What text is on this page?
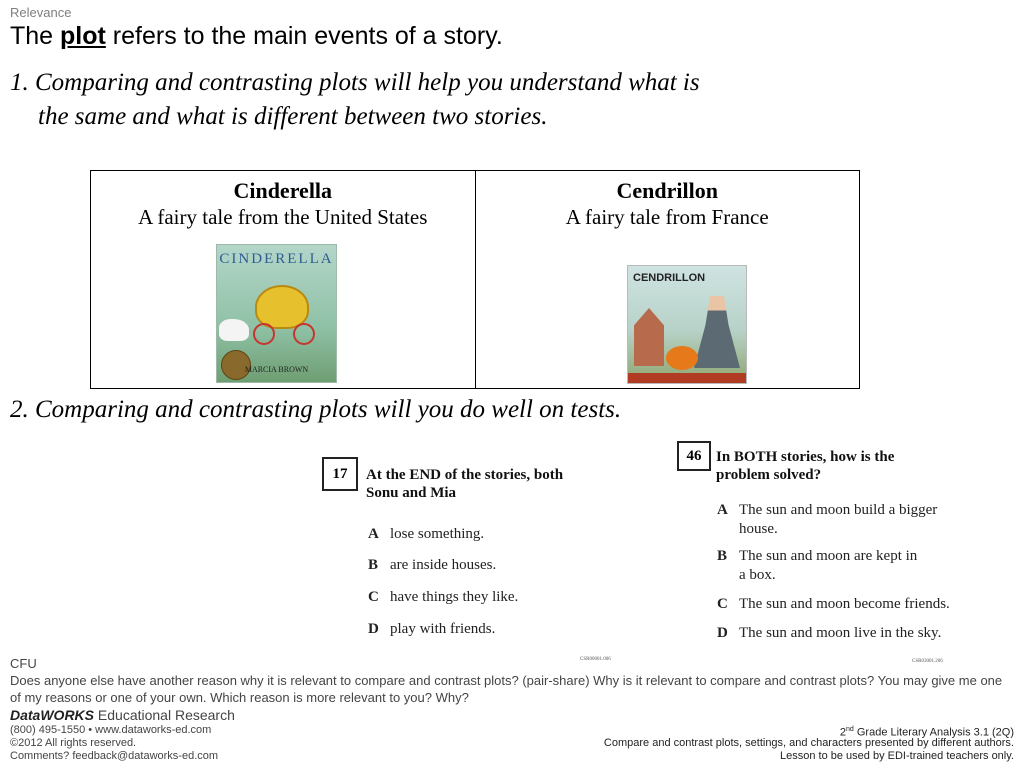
Relevance
The plot refers to the main events of a story.
1. Comparing and contrasting plots will help you understand what is
the same and what is different between two stories.
Cinderella
A fairy tale from the United States
Cendrillon
A fairy tale from France
CINDERELLA
MARCIA BROWN
CENDRILLON
2. Comparing and contrasting plots will you do well on tests.
17	At the END of the stories, both
Sonu and Mia
A lose something.
B are inside houses.
C have things they like.
D play with friends.
CSR00001.006
46 In BOTH stories, how is the
problem solved?
A The sun and moon build a bigger
house.
B The sun and moon are kept in
a box.
C The sun and moon become friends.
D The sun and moon live in the sky.
CSR03001.206
CFU
Does anyone else have another reason why it is relevant to compare and contrast plots? (pair-share) Why is it relevant to compare and contrast plots? You may give me one of my reasons or one of your own. Which reason is more relevant to you? Why?
DataWORKS Educational Research
(800) 495-1550 • www.dataworks-ed.com
©2012 All rights reserved.
Comments? feedback@dataworks-ed.com
2nd Grade Literary Analysis 3.1 (2Q)
Compare and contrast plots, settings, and characters presented by different authors.
Lesson to be used by EDI-trained teachers only.
